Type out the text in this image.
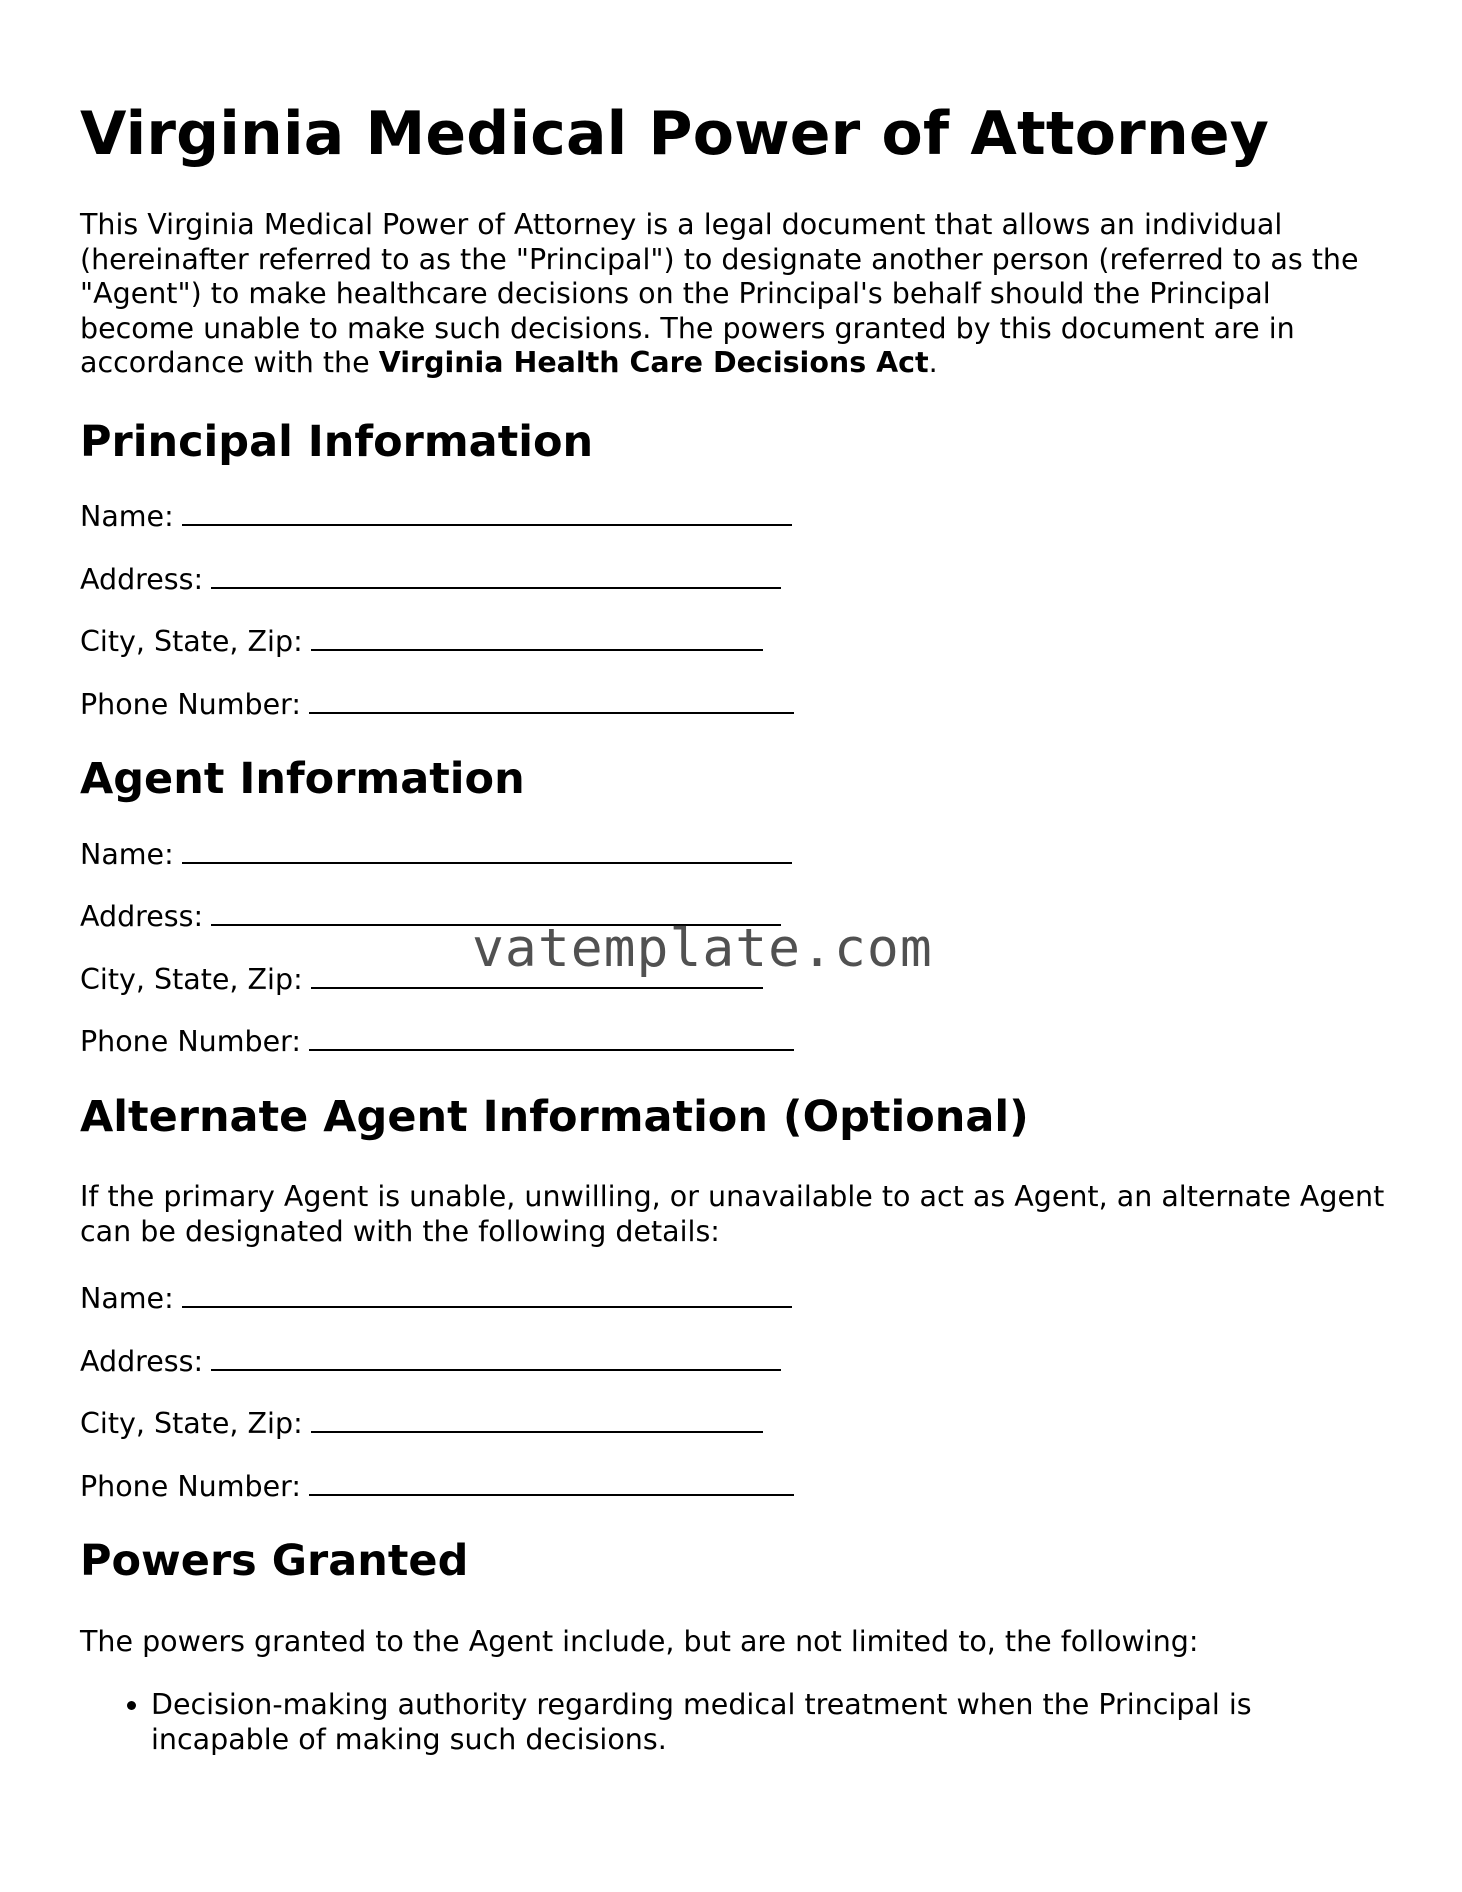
Virginia Medical Power of Attorney

This Virginia Medical Power of Attorney is a legal document that allows an individual (hereinafter referred to as the "Principal") to designate another person (referred to as the "Agent") to make healthcare decisions on the Principal's behalf should the Principal become unable to make such decisions. The powers granted by this document are in accordance with the Virginia Health Care Decisions Act.

Principal Information
Name:
Address:
City, State, Zip:
Phone Number:
Agent Information
Name:
Address:
City, State, Zip:
Phone Number:
Alternate Agent Information (Optional)

If the primary Agent is unable, unwilling, or unavailable to act as Agent, an alternate Agent can be designated with the following details:

Name:
Address:
City, State, Zip:
Phone Number:
Powers Granted

The powers granted to the Agent include, but are not limited to, the following:

• Decision-making authority regarding medical treatment when the Principal is incapable of making such decisions.
vatemplate.com
